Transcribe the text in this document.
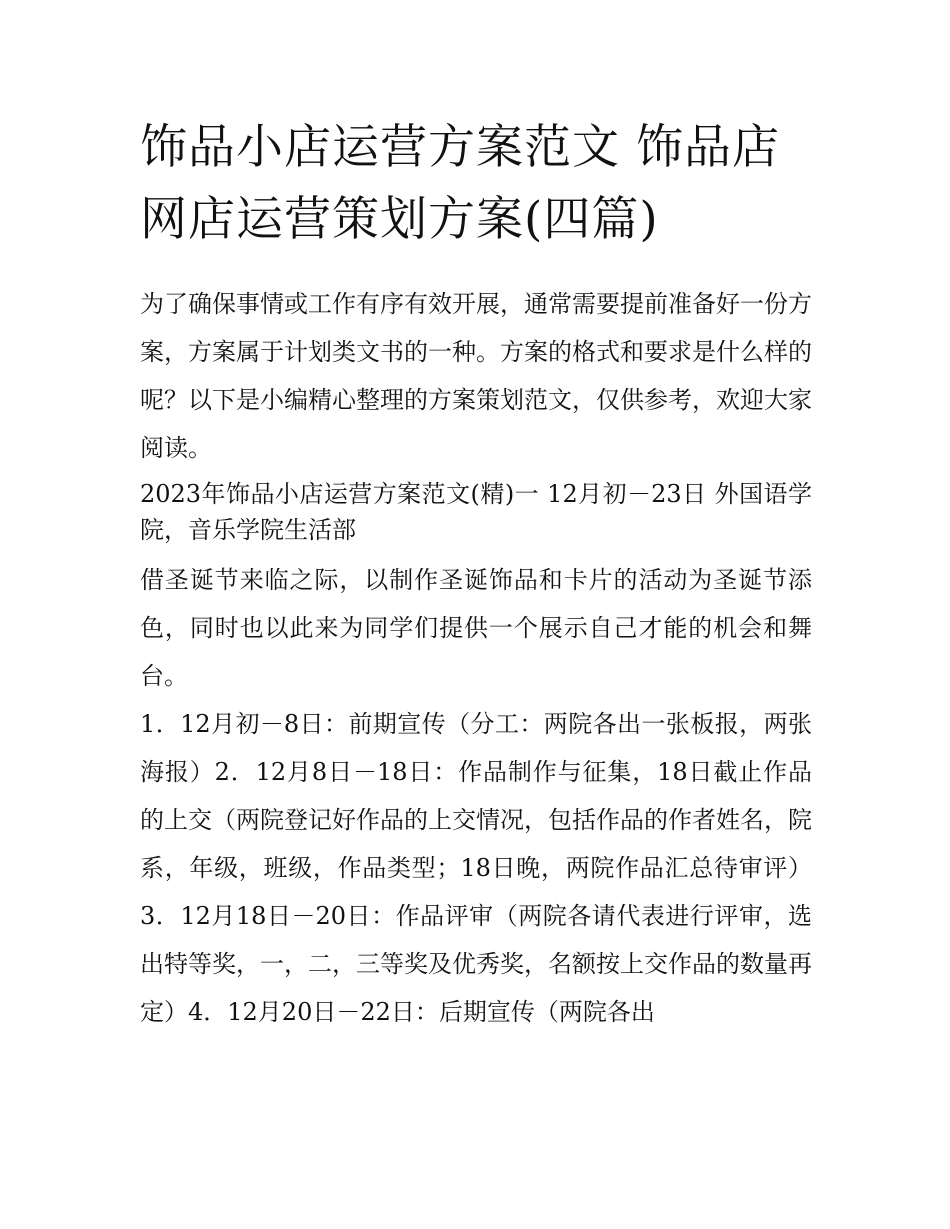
饰品小店运营方案范文 饰品店网店运营策划方案(四篇)

为了确保事情或工作有序有效开展，通常需要提前准备好一份方案，方案属于计划类文书的一种。方案的格式和要求是什么样的呢？以下是小编精心整理的方案策划范文，仅供参考，欢迎大家阅读。

2023年饰品小店运营方案范文(精)一 12月初－23日 外国语学院，音乐学院生活部

借圣诞节来临之际，以制作圣诞饰品和卡片的活动为圣诞节添色，同时也以此来为同学们提供一个展示自己才能的机会和舞台。

1．12月初－8日：前期宣传（分工：两院各出一张板报，两张海报）2．12月8日－18日：作品制作与征集，18日截止作品的上交（两院登记好作品的上交情况，包括作品的作者姓名，院系，年级，班级，作品类型；18日晚，两院作品汇总待审评）3．12月18日－20日：作品评审（两院各请代表进行评审，选出特等奖，一，二，三等奖及优秀奖，名额按上交作品的数量再定）4．12月20日－22日：后期宣传（两院各出
